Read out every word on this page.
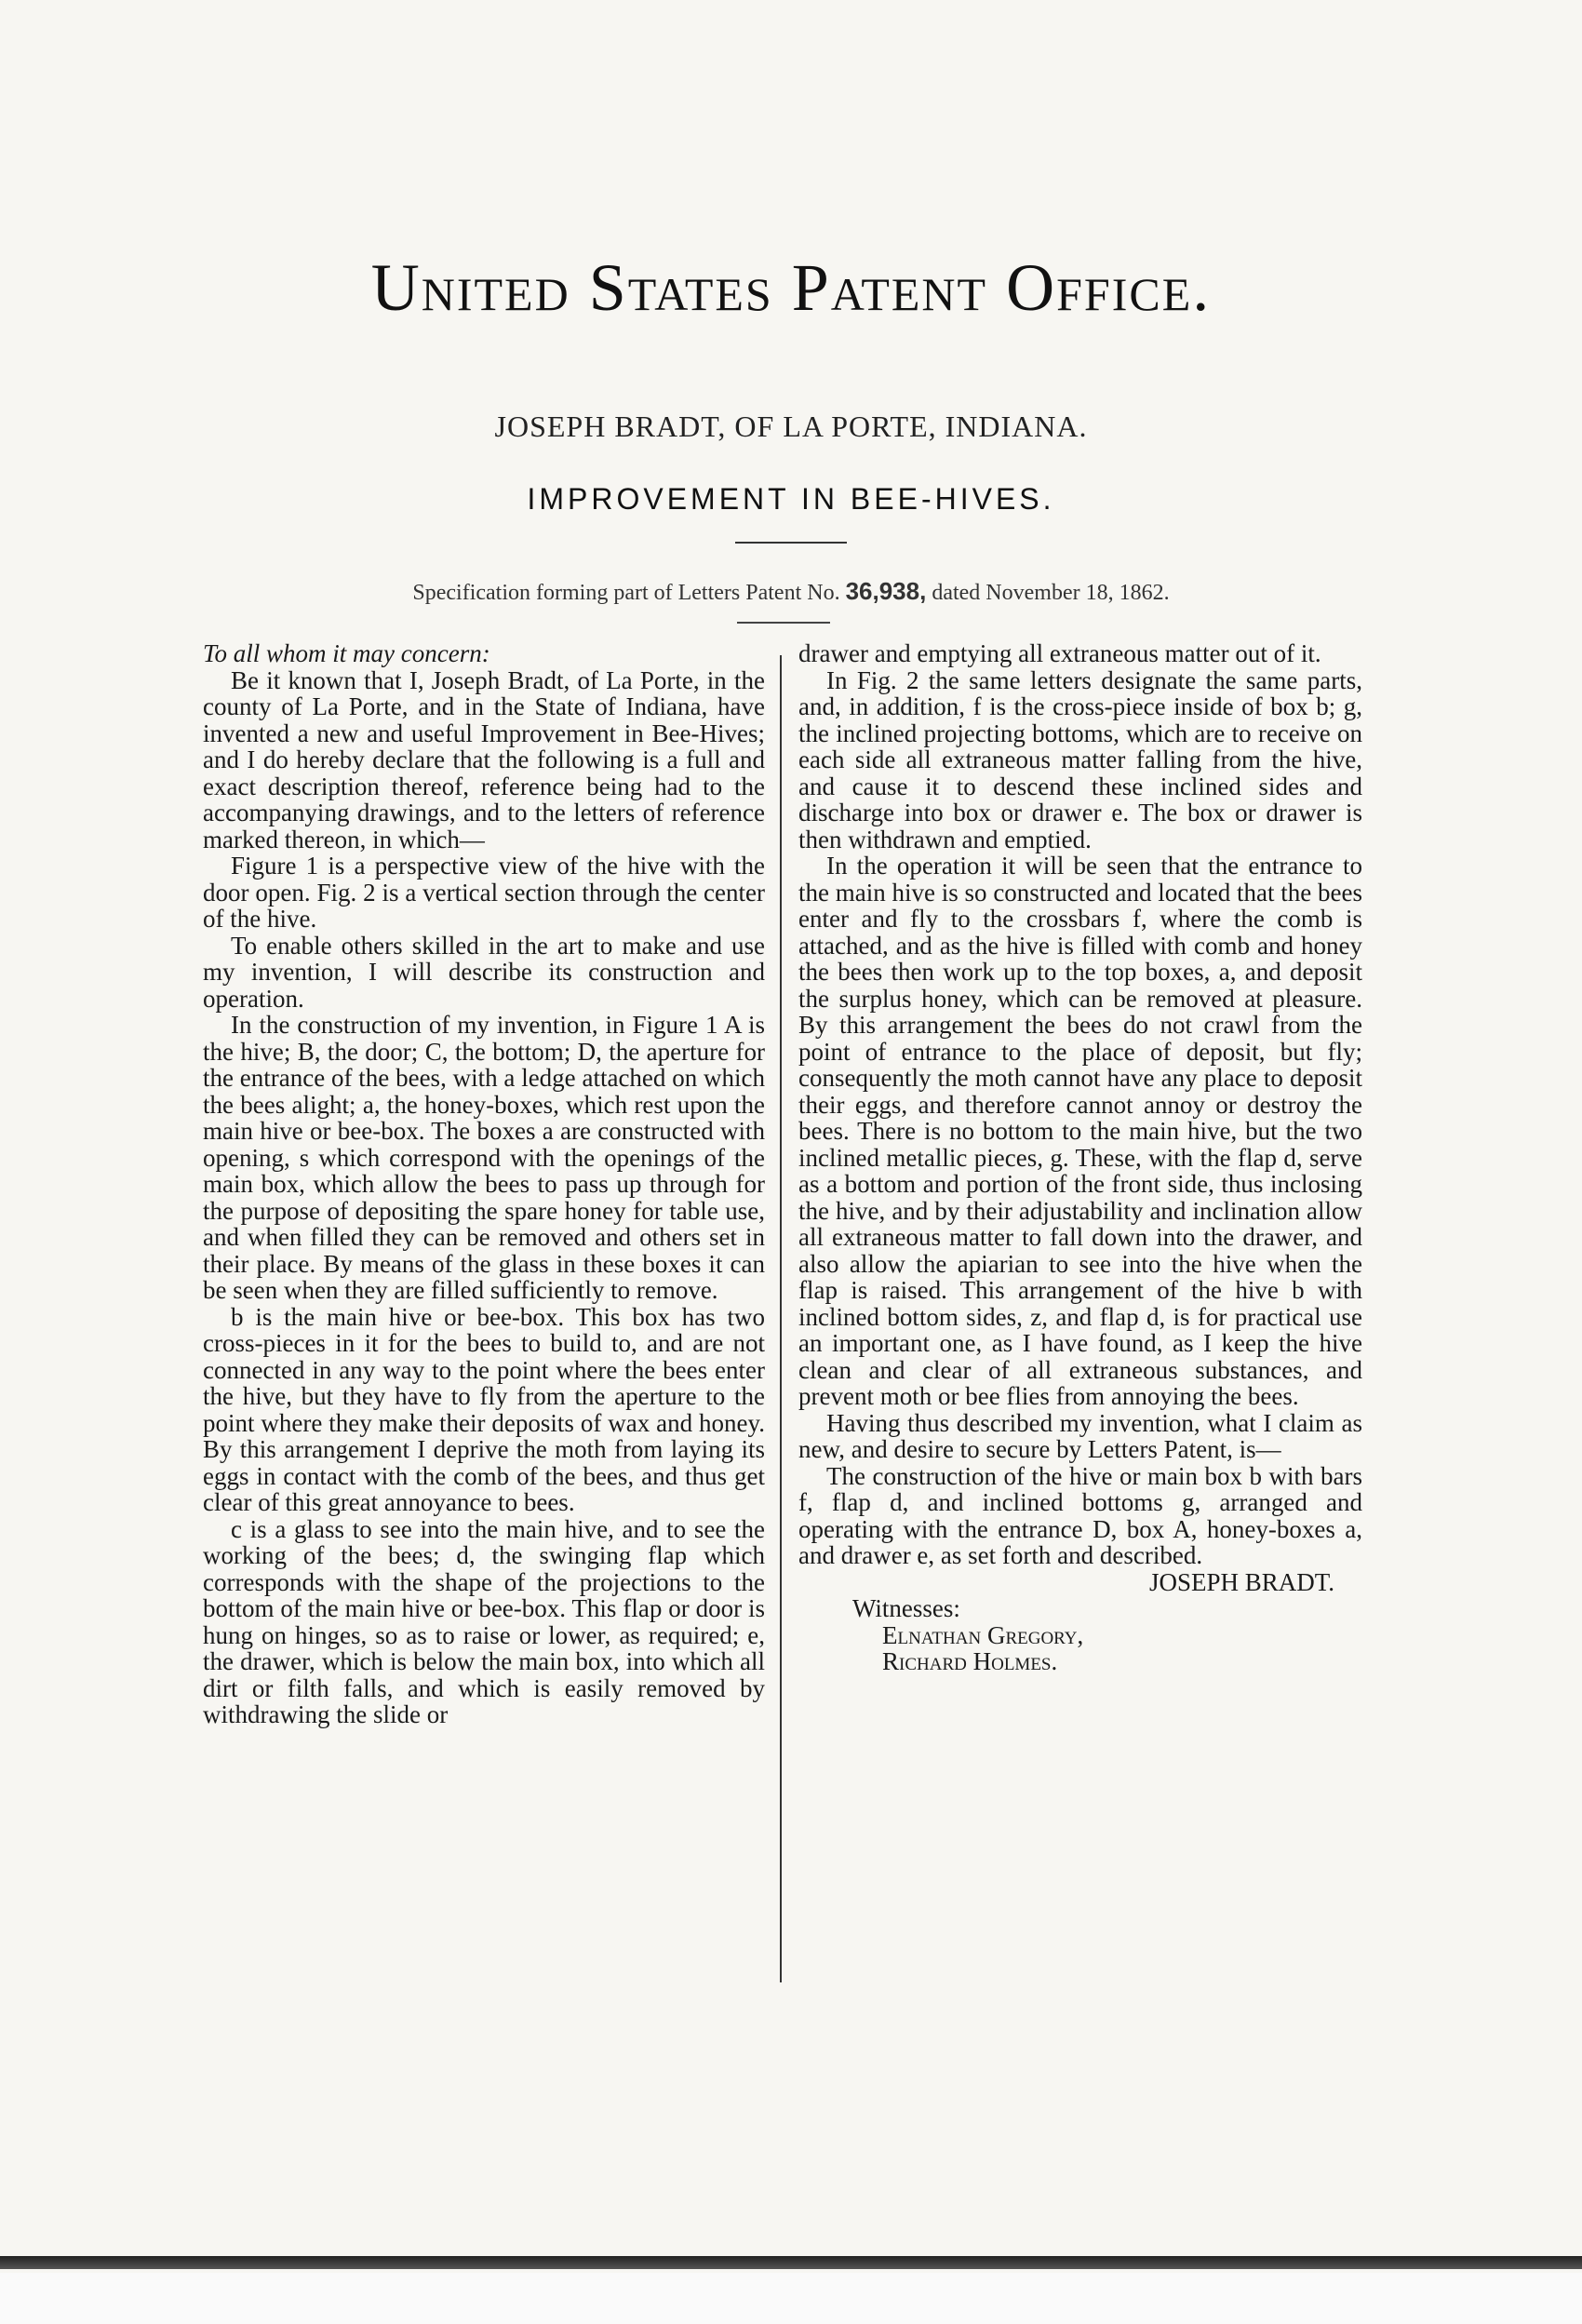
United States Patent Office.
JOSEPH BRADT, OF LA PORTE, INDIANA.
IMPROVEMENT IN BEE-HIVES.
Specification forming part of Letters Patent No. 36,938, dated November 18, 1862.

To all whom it may concern:

Be it known that I, Joseph Bradt, of La Porte, in the county of La Porte, and in the State of Indiana, have invented a new and useful Improvement in Bee-Hives; and I do hereby declare that the following is a full and exact description thereof, reference being had to the accompanying drawings, and to the letters of reference marked thereon, in which—

Figure 1 is a perspective view of the hive with the door open. Fig. 2 is a vertical section through the center of the hive.

To enable others skilled in the art to make and use my invention, I will describe its construction and operation.

In the construction of my invention, in Figure 1 A is the hive; B, the door; C, the bottom; D, the aperture for the entrance of the bees, with a ledge attached on which the bees alight; a, the honey-boxes, which rest upon the main hive or bee-box. The boxes a are constructed with opening, s which correspond with the openings of the main box, which allow the bees to pass up through for the purpose of depositing the spare honey for table use, and when filled they can be removed and others set in their place. By means of the glass in these boxes it can be seen when they are filled sufficiently to remove.

b is the main hive or bee-box. This box has two cross-pieces in it for the bees to build to, and are not connected in any way to the point where the bees enter the hive, but they have to fly from the aperture to the point where they make their deposits of wax and honey. By this arrangement I deprive the moth from laying its eggs in contact with the comb of the bees, and thus get clear of this great annoyance to bees.

c is a glass to see into the main hive, and to see the working of the bees; d, the swinging flap which corresponds with the shape of the projections to the bottom of the main hive or bee-box. This flap or door is hung on hinges, so as to raise or lower, as required; e, the drawer, which is below the main box, into which all dirt or filth falls, and which is easily removed by withdrawing the slide or

drawer and emptying all extraneous matter out of it.

In Fig. 2 the same letters designate the same parts, and, in addition, f is the cross-piece inside of box b; g, the inclined projecting bottoms, which are to receive on each side all extraneous matter falling from the hive, and cause it to descend these inclined sides and discharge into box or drawer e. The box or drawer is then withdrawn and emptied.

In the operation it will be seen that the entrance to the main hive is so constructed and located that the bees enter and fly to the crossbars f, where the comb is attached, and as the hive is filled with comb and honey the bees then work up to the top boxes, a, and deposit the surplus honey, which can be removed at pleasure. By this arrangement the bees do not crawl from the point of entrance to the place of deposit, but fly; consequently the moth cannot have any place to deposit their eggs, and therefore cannot annoy or destroy the bees. There is no bottom to the main hive, but the two inclined metallic pieces, g. These, with the flap d, serve as a bottom and portion of the front side, thus inclosing the hive, and by their adjustability and inclination allow all extraneous matter to fall down into the drawer, and also allow the apiarian to see into the hive when the flap is raised. This arrangement of the hive b with inclined bottom sides, z, and flap d, is for practical use an important one, as I have found, as I keep the hive clean and clear of all extraneous substances, and prevent moth or bee flies from annoying the bees.

Having thus described my invention, what I claim as new, and desire to secure by Letters Patent, is—

The construction of the hive or main box b with bars f, flap d, and inclined bottoms g, arranged and operating with the entrance D, box A, honey-boxes a, and drawer e, as set forth and described.

JOSEPH BRADT.

Witnesses:

Elnathan Gregory,

Richard Holmes.
